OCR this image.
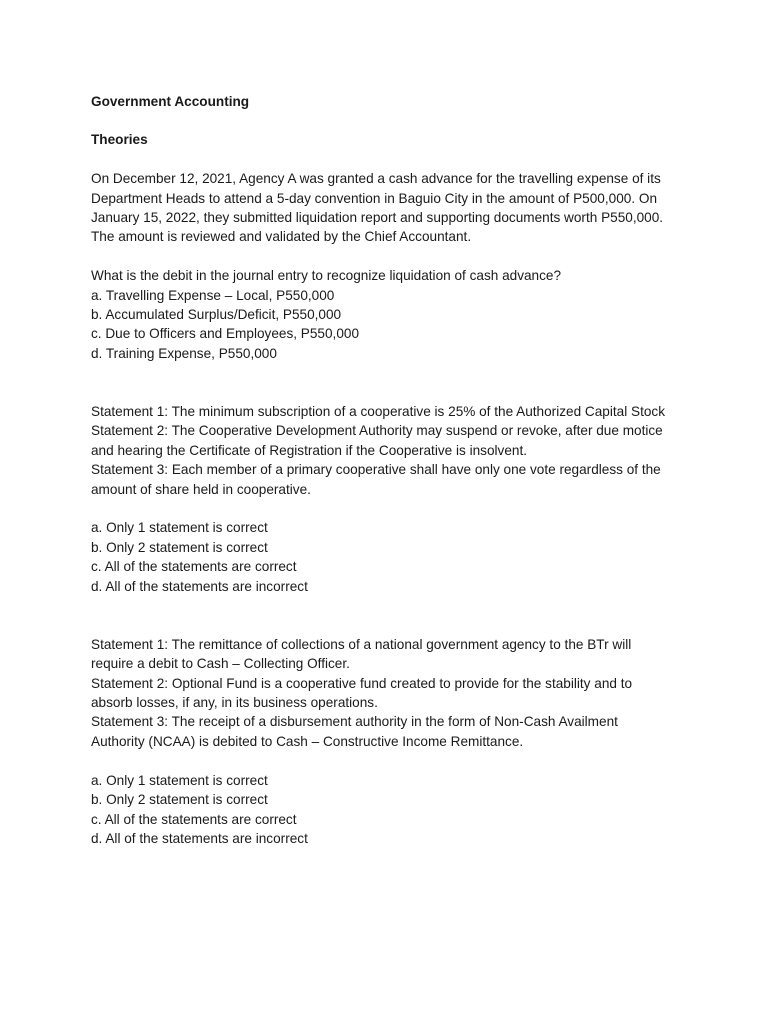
Government Accounting
Theories
On December 12, 2021, Agency A was granted a cash advance for the travelling expense of its
Department Heads to attend a 5-day convention in Baguio City in the amount of P500,000. On
January 15, 2022, they submitted liquidation report and supporting documents worth P550,000.
The amount is reviewed and validated by the Chief Accountant.
What is the debit in the journal entry to recognize liquidation of cash advance?
a. Travelling Expense – Local, P550,000
b. Accumulated Surplus/Deficit, P550,000
c. Due to Officers and Employees, P550,000
d. Training Expense, P550,000
Statement 1: The minimum subscription of a cooperative is 25% of the Authorized Capital Stock
Statement 2: The Cooperative Development Authority may suspend or revoke, after due motice
and hearing the Certificate of Registration if the Cooperative is insolvent.
Statement 3: Each member of a primary cooperative shall have only one vote regardless of the
amount of share held in cooperative.
a. Only 1 statement is correct
b. Only 2 statement is correct
c. All of the statements are correct
d. All of the statements are incorrect
Statement 1: The remittance of collections of a national government agency to the BTr will
require a debit to Cash – Collecting Officer.
Statement 2: Optional Fund is a cooperative fund created to provide for the stability and to
absorb losses, if any, in its business operations.
Statement 3: The receipt of a disbursement authority in the form of Non-Cash Availment
Authority (NCAA) is debited to Cash – Constructive Income Remittance.
a. Only 1 statement is correct
b. Only 2 statement is correct
c. All of the statements are correct
d. All of the statements are incorrect
